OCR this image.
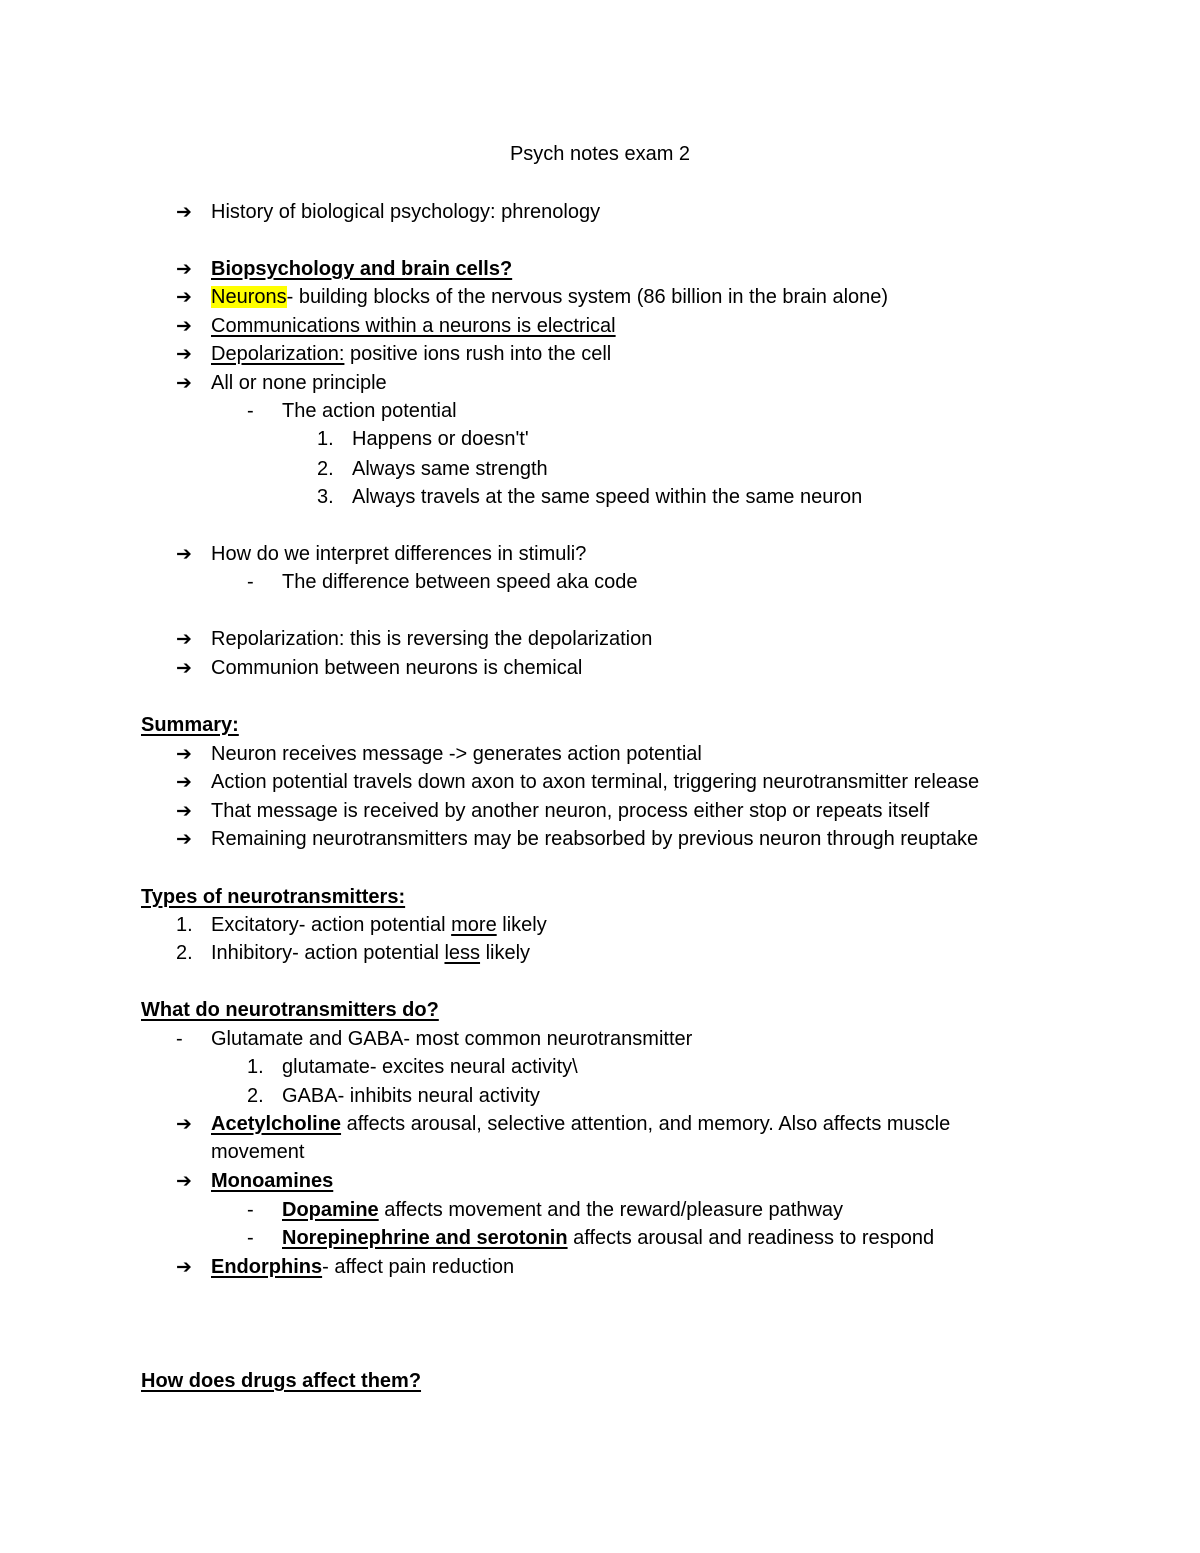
Psych notes exam 2
➔ History of biological psychology: phrenology
➔ Biopsychology and brain cells?
➔ Neurons- building blocks of the nervous system (86 billion in the brain alone)
➔ Communications within a neurons is electrical
➔ Depolarization: positive ions rush into the cell
➔ All or none principle
- The action potential
1. Happens or doesn't'
2. Always same strength
3. Always travels at the same speed within the same neuron
➔ How do we interpret differences in stimuli?
- The difference between speed aka code
➔ Repolarization: this is reversing the depolarization
➔ Communion between neurons is chemical
Summary:
➔ Neuron receives message -> generates action potential
➔ Action potential travels down axon to axon terminal, triggering neurotransmitter release
➔ That message is received by another neuron, process either stop or repeats itself
➔ Remaining neurotransmitters may be reabsorbed by previous neuron through reuptake
Types of neurotransmitters:
1. Excitatory- action potential more likely
2. Inhibitory- action potential less likely
What do neurotransmitters do?
- Glutamate and GABA- most common neurotransmitter
1. glutamate- excites neural activity\
2. GABA- inhibits neural activity
➔ Acetylcholine affects arousal, selective attention, and memory. Also affects muscle
movement
➔ Monoamines
- Dopamine affects movement and the reward/pleasure pathway
- Norepinephrine and serotonin affects arousal and readiness to respond
➔ Endorphins- affect pain reduction
How does drugs affect them?
